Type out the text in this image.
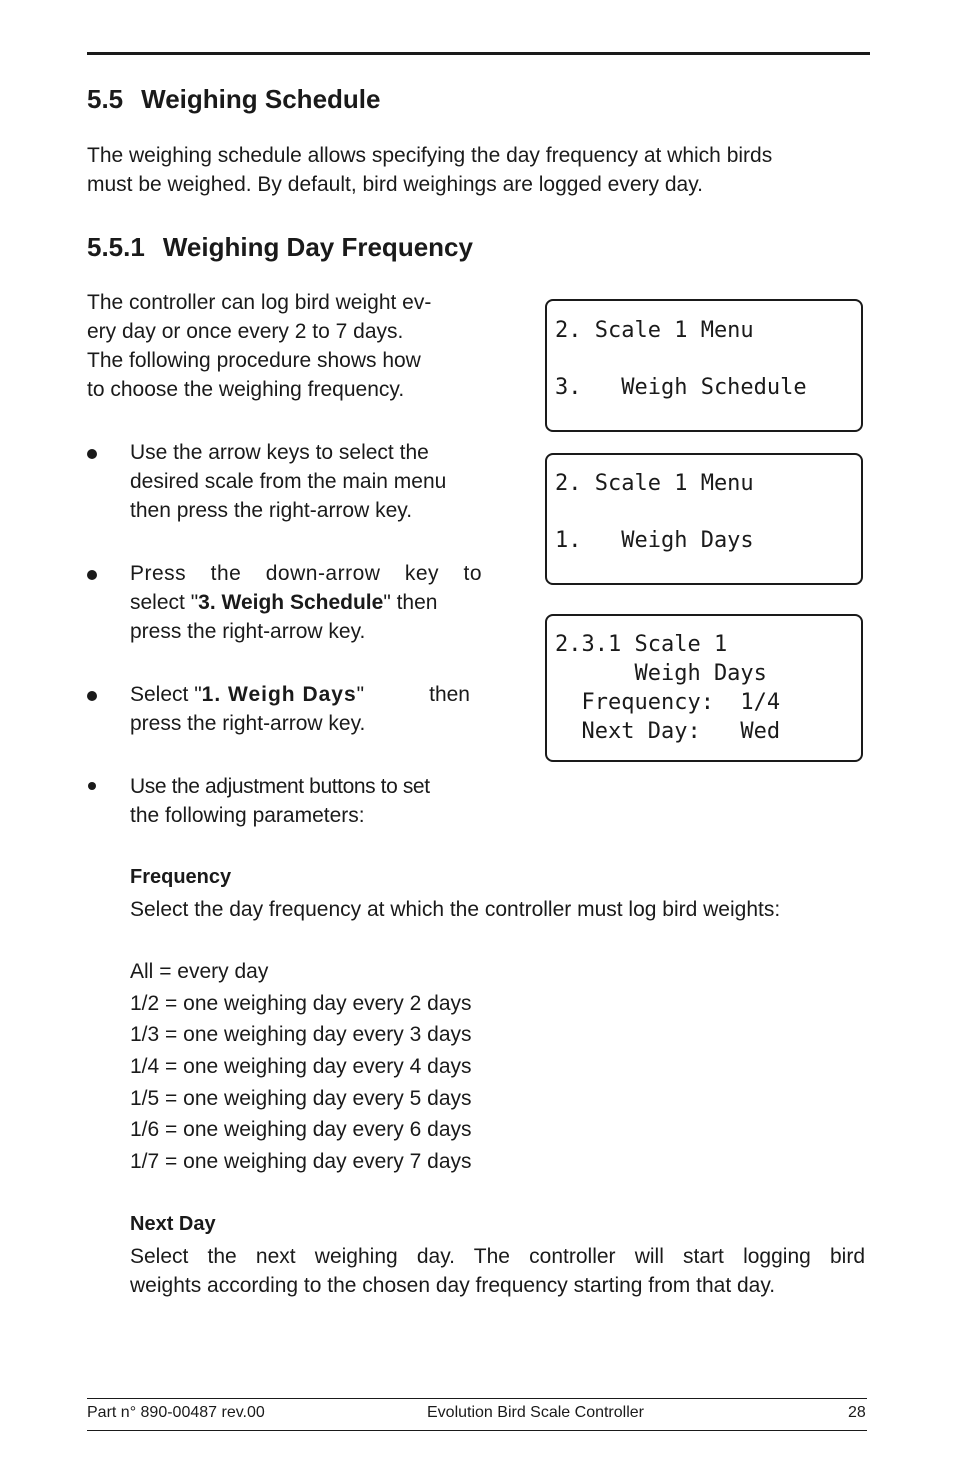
5.5 Weighing Schedule

The weighing schedule allows specifying the day frequency at which birds

must be weighed. By default, bird weighings are logged every day.

5.5.1 Weighing Day Frequency

The controller can log bird weight ev-

ery day or once every 2 to 7 days.

The following procedure shows how

to choose the weighing frequency.

Use the arrow keys to select the

desired scale from the main menu

then press the right-arrow key.

Press the down-arrow key to

select "3. Weigh Schedule" then

press the right-arrow key.

Select " 1. Weigh Days " then

press the right-arrow key.

Use the adjustment buttons to set

the following parameters:

2. Scale 1 Menu
3.   Weigh Schedule
2. Scale 1 Menu
1.   Weigh Days
2.3.1 Scale 1
Weigh Days
Frequency:  1/4
Next Day:   Wed

Frequency

Select the day frequency at which the controller must log bird weights:

All = every day
1/2 = one weighing day every 2 days
1/3 = one weighing day every 3 days
1/4 = one weighing day every 4 days
1/5 = one weighing day every 5 days
1/6 = one weighing day every 6 days
1/7 = one weighing day every 7 days

Next Day

Select the next weighing day. The controller will start logging bird

weights according to the chosen day frequency starting from that day.

Part n° 890-00487 rev.00	Evolution Bird Scale Controller	28
